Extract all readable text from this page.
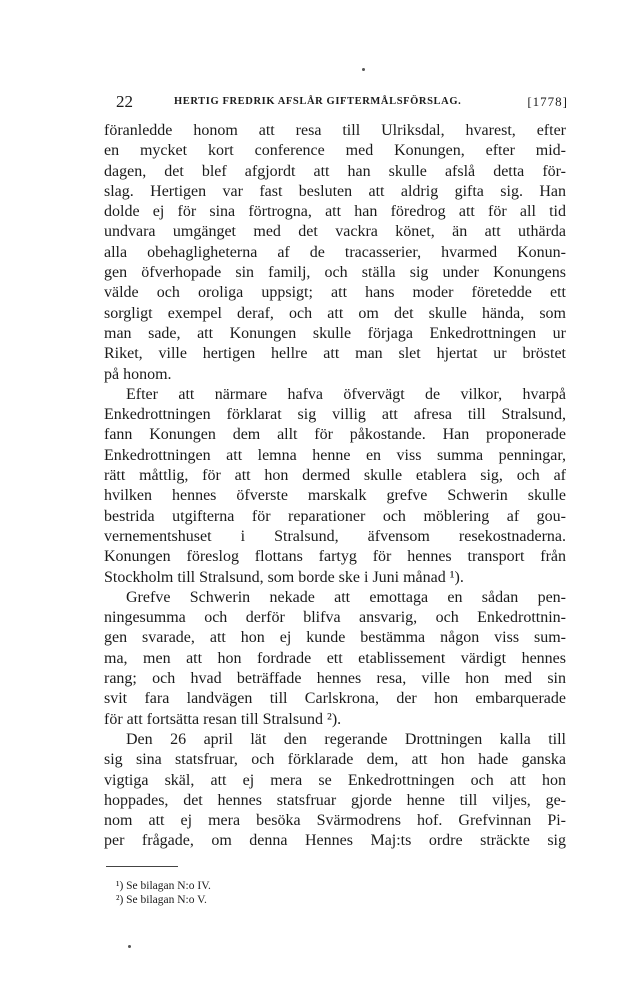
22	HERTIG FREDRIK AFSLÅR GIFTERMÅLSFÖRSLAG.	[1778]
föranledde honom att resa till Ulriksdal, hvarest, efter
en mycket kort conference med Konungen, efter mid-
dagen, det blef afgjordt att han skulle afslå detta för-
slag. Hertigen var fast besluten att aldrig gifta sig. Han
dolde ej för sina förtrogna, att han föredrog att för all tid
undvara umgänget med det vackra könet, än att uthärda
alla obehagligheterna af de tracasserier, hvarmed Konun-
gen öfverhopade sin familj, och ställa sig under Konungens
välde och oroliga uppsigt; att hans moder företedde ett
sorgligt exempel deraf, och att om det skulle hända, som
man sade, att Konungen skulle förjaga Enkedrottningen ur
Riket, ville hertigen hellre att man slet hjertat ur bröstet
på honom.
Efter att närmare hafva öfvervägt de vilkor, hvarpå
Enkedrottningen förklarat sig villig att afresa till Stralsund,
fann Konungen dem allt för påkostande. Han proponerade
Enkedrottningen att lemna henne en viss summa penningar,
rätt måttlig, för att hon dermed skulle etablera sig, och af
hvilken hennes öfverste marskalk grefve Schwerin skulle
bestrida utgifterna för reparationer och möblering af gou-
vernementshuset i Stralsund, äfvensom resekostnaderna.
Konungen föreslog flottans fartyg för hennes transport från
Stockholm till Stralsund, som borde ske i Juni månad ¹).
Grefve Schwerin nekade att emottaga en sådan pen-
ningesumma och derför blifva ansvarig, och Enkedrottnin-
gen svarade, att hon ej kunde bestämma någon viss sum-
ma, men att hon fordrade ett etablissement värdigt hennes
rang; och hvad beträffade hennes resa, ville hon med sin
svit fara landvägen till Carlskrona, der hon embarquerade
för att fortsätta resan till Stralsund ²).
Den 26 april lät den regerande Drottningen kalla till
sig sina statsfruar, och förklarade dem, att hon hade ganska
vigtiga skäl, att ej mera se Enkedrottningen och att hon
hoppades, det hennes statsfruar gjorde henne till viljes, ge-
nom att ej mera besöka Svärmodrens hof. Grefvinnan Pi-
per frågade, om denna Hennes Maj:ts ordre sträckte sig
¹) Se bilagan N:o IV.
²) Se bilagan N:o V.
